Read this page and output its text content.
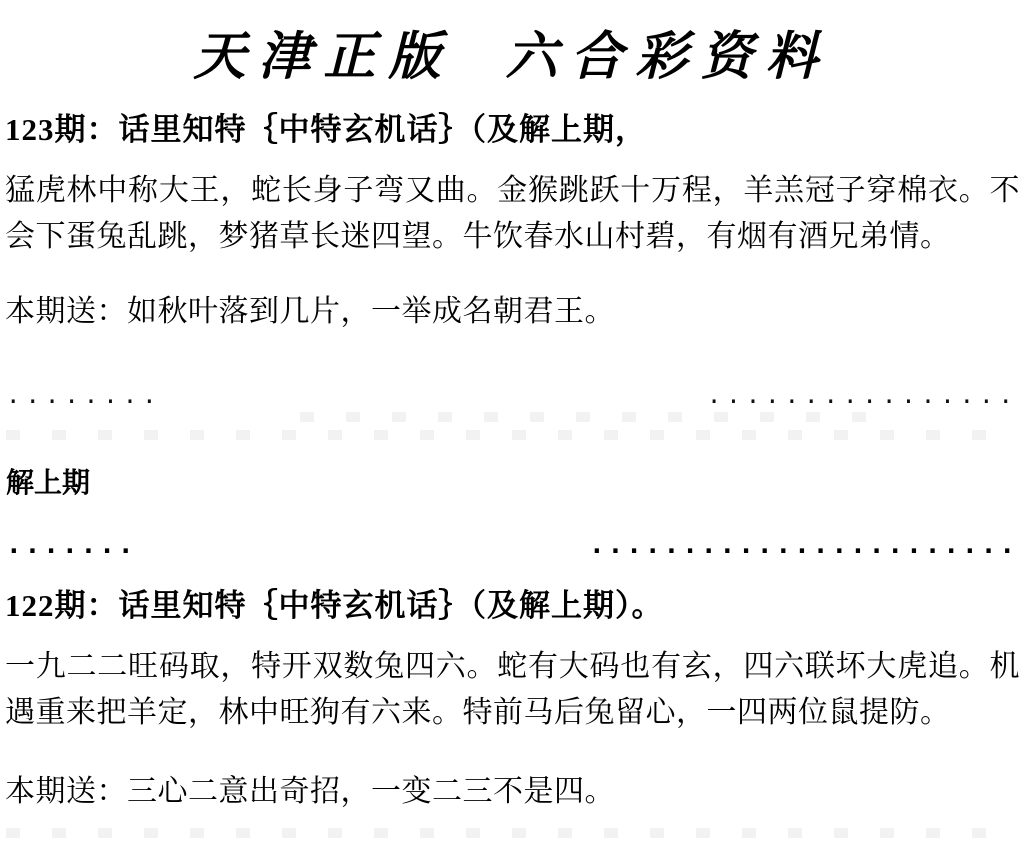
天津正版  六合彩资料
123期：话里知特｛中特玄机话｝（及解上期，

猛虎林中称大王，蛇长身子弯又曲。金猴跳跃十万程，羊羔冠子穿棉衣。不会下蛋兔乱跳，梦猪草长迷四望。牛饮春水山村碧，有烟有酒兄弟情。

本期送：如秋叶落到几片，一举成名朝君王。

........	................
解上期
.......	.......................
122期：话里知特｛中特玄机话｝（及解上期）。

一九二二旺码取，特开双数兔四六。蛇有大码也有玄，四六联坏大虎追。机遇重来把羊定，林中旺狗有六来。特前马后兔留心，一四两位鼠提防。

本期送：三心二意出奇招，一变二三不是四。
